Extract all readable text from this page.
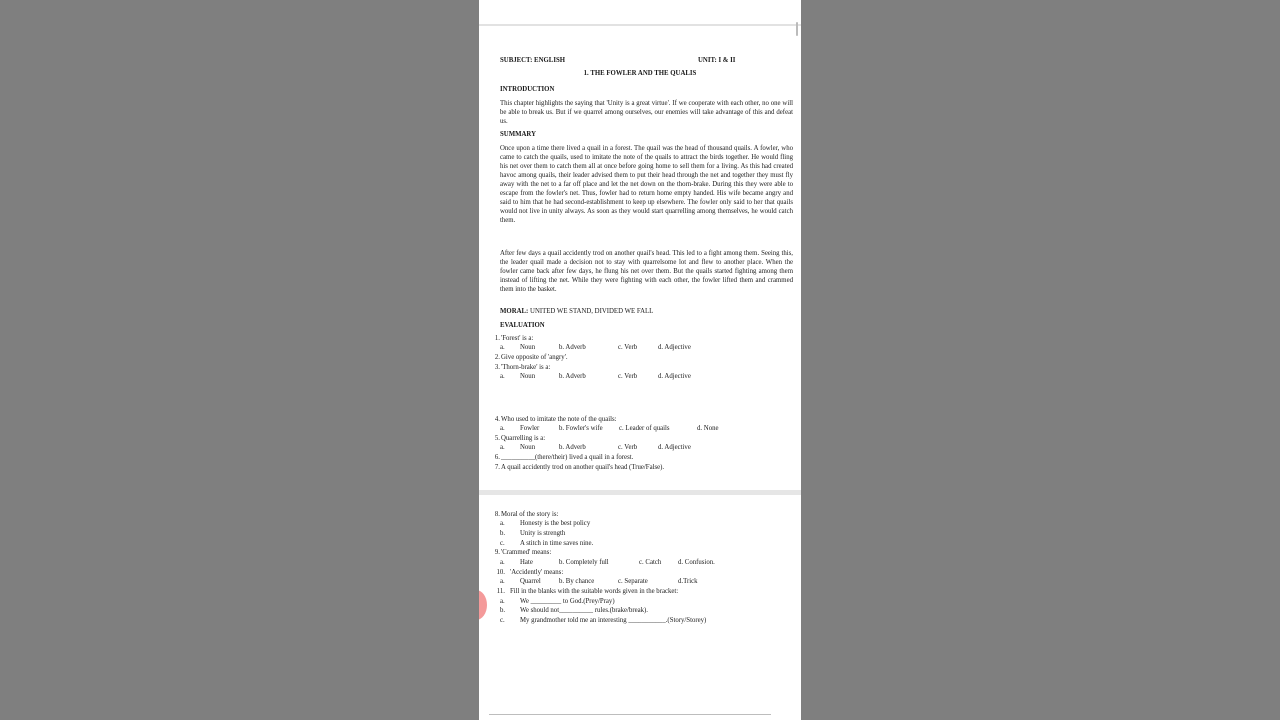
SUBJECT: ENGLISH	UNIT: I & II
1. THE FOWLER AND THE QUALIS
INTRODUCTION
This chapter highlights the saying that 'Unity is a great virtue'. If we cooperate with each other, no one will be able to break us. But if we quarrel among ourselves, our enemies will take advantage of this and defeat us.
SUMMARY
Once upon a time there lived a quail in a forest. The quail was the head of thousand quails. A fowler, who came to catch the quails, used to imitate the note of the quails to attract the birds together. He would fling his net over them to catch them all at once before going home to sell them for a living. As this had created havoc among quails, their leader advised them to put their head through the net and together they must fly away with the net to a far off place and let the net down on the thorn-brake. During this they were able to escape from the fowler's net. Thus, fowler had to return home empty handed. His wife became angry and said to him that he had second-establishment to keep up elsewhere. The fowler only said to her that quails would not live in unity always. As soon as they would start quarrelling among themselves, he would catch them.
After few days a quail accidently trod on another quail's head. This led to a fight among them. Seeing this, the leader quail made a decision not to stay with quarrelsome lot and flew to another place. When the fowler came back after few days, he flung his net over them. But the quails started fighting among them instead of lifting the net. While they were fighting with each other, the fowler lifted them and crammed them into the basket.
MORAL: UNITED WE STAND, DIVIDED WE FALL
EVALUATION
1.'Forest' is a:
a. Noun	b. Adverb	c. Verb	d. Adjective
2.Give opposite of 'angry'.
3.'Thorn-brake' is a:
a. Noun	b. Adverb	c. Verb	d. Adjective
4.Who used to imitate the note of the quails:
a. Fowler	b. Fowler's wife c. Leader of quails	d. None
5.Quarrelling is a:
a. Noun	b. Adverb	c. Verb	d. Adjective
6.__________(there/their) lived a quail in a forest.
7.A quail accidently trod on another quail's head (True/False).
8.Moral of the story is:
a. Honesty is the best policy
b. Unity is strength
c. A stitch in time saves nine.
9.'Crammed' means:
a. Hate	b. Completely full	c. Catch d. Confusion.
10. 'Accidently' means:
a. Quarrel	b. By chance	c. Separate	d.Trick
11. Fill in the blanks with the suitable words given in the bracket:
a. We _________ to God.(Prey/Pray)
b. We should not__________ rules.(brake/break).
c. My grandmother told me an interesting ___________.(Story/Storey)
